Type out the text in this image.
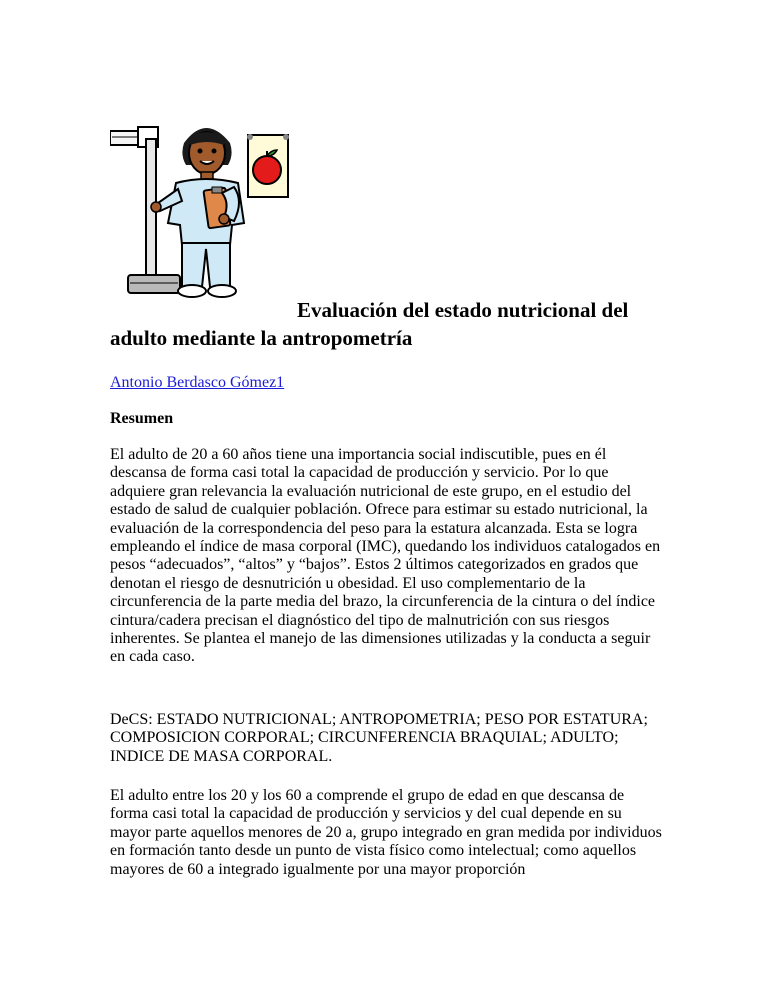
Evaluación del estado nutricional del
adulto mediante la antropometría
Antonio Berdasco Gómez1
Resumen

El adulto de 20 a 60 años tiene una importancia social indiscutible, pues en él descansa de forma casi total la capacidad de producción y servicio. Por lo que adquiere gran relevancia la evaluación nutricional de este grupo, en el estudio del estado de salud de cualquier población. Ofrece para estimar su estado nutricional, la evaluación de la correspondencia del peso para la estatura alcanzada. Esta se logra empleando el índice de masa corporal (IMC), quedando los individuos catalogados en pesos “adecuados”, “altos” y “bajos”. Estos 2 últimos categorizados en grados que denotan el riesgo de desnutrición u obesidad. El uso complementario de la circunferencia de la parte media del brazo, la circunferencia de la cintura o del índice cintura/cadera precisan el diagnóstico del tipo de malnutrición con sus riesgos inherentes. Se plantea el manejo de las dimensiones utilizadas y la conducta a seguir en cada caso.

DeCS: ESTADO NUTRICIONAL; ANTROPOMETRIA; PESO POR ESTATURA; COMPOSICION CORPORAL; CIRCUNFERENCIA BRAQUIAL; ADULTO; INDICE DE MASA CORPORAL.

El adulto entre los 20 y los 60 a comprende el grupo de edad en que descansa de forma casi total la capacidad de producción y servicios y del cual depende en su mayor parte aquellos menores de 20 a, grupo integrado en gran medida por individuos en formación tanto desde un punto de vista físico como intelectual; como aquellos mayores de 60 a integrado igualmente por una mayor proporción
